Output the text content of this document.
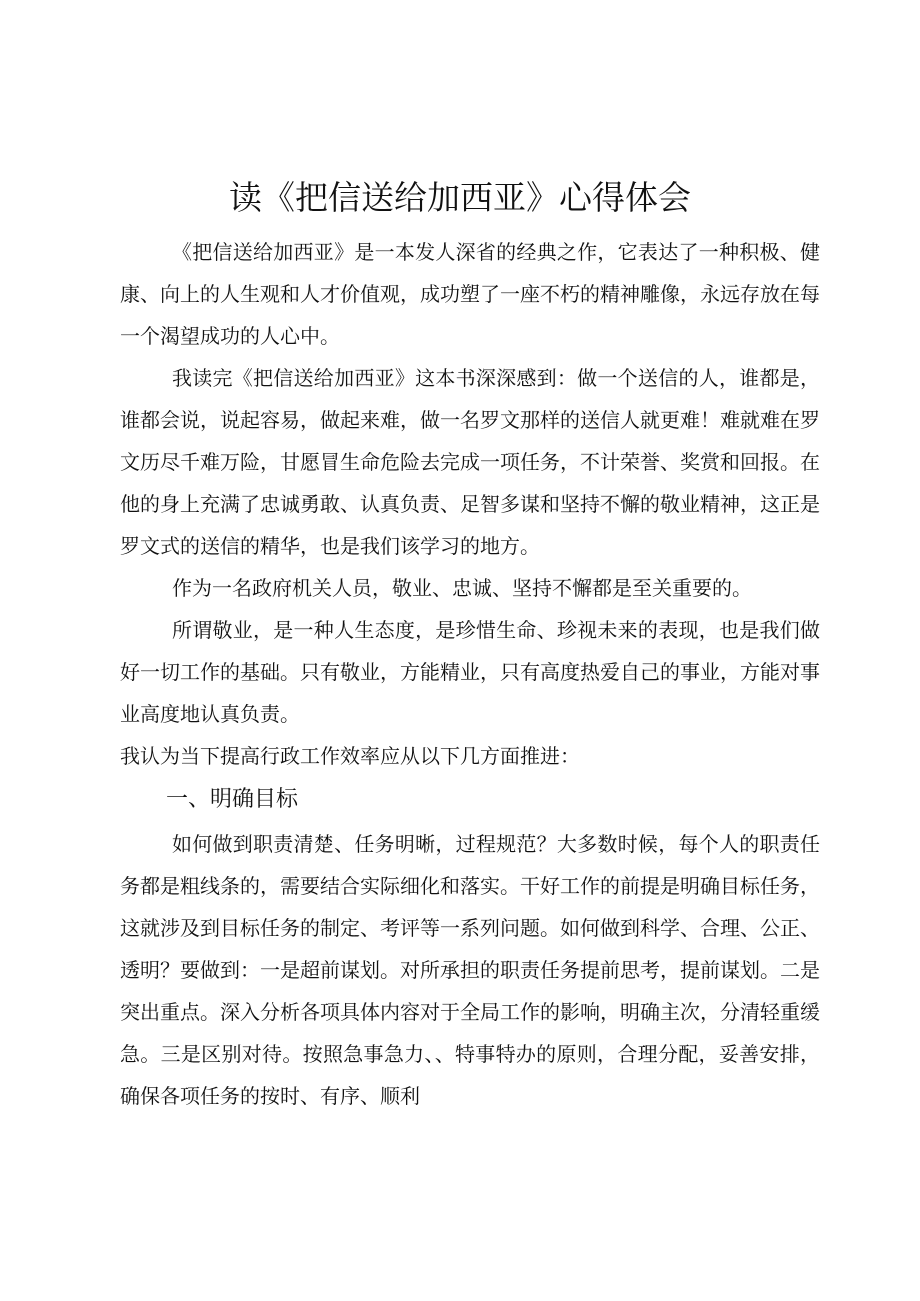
读《把信送给加西亚》心得体会

《把信送给加西亚》是一本发人深省的经典之作，它表达了一种积极、健康、向上的人生观和人才价值观，成功塑了一座不朽的精神雕像，永远存放在每一个渴望成功的人心中。

我读完《把信送给加西亚》这本书深深感到：做一个送信的人，谁都是，谁都会说，说起容易，做起来难，做一名罗文那样的送信人就更难！难就难在罗文历尽千难万险，甘愿冒生命危险去完成一项任务，不计荣誉、奖赏和回报。在他的身上充满了忠诚勇敢、认真负责、足智多谋和坚持不懈的敬业精神，这正是罗文式的送信的精华，也是我们该学习的地方。

作为一名政府机关人员，敬业、忠诚、坚持不懈都是至关重要的。

所谓敬业，是一种人生态度，是珍惜生命、珍视未来的表现，也是我们做好一切工作的基础。只有敬业，方能精业，只有高度热爱自己的事业，方能对事业高度地认真负责。

我认为当下提高行政工作效率应从以下几方面推进：

一、明确目标

如何做到职责清楚、任务明晰，过程规范？大多数时候，每个人的职责任务都是粗线条的，需要结合实际细化和落实。干好工作的前提是明确目标任务，这就涉及到目标任务的制定、考评等一系列问题。如何做到科学、合理、公正、透明？要做到：一是超前谋划。对所承担的职责任务提前思考，提前谋划。二是突出重点。深入分析各项具体内容对于全局工作的影响，明确主次，分清轻重缓急。三是区别对待。按照急事急力、、特事特办的原则，合理分配，妥善安排，确保各项任务的按时、有序、顺利
